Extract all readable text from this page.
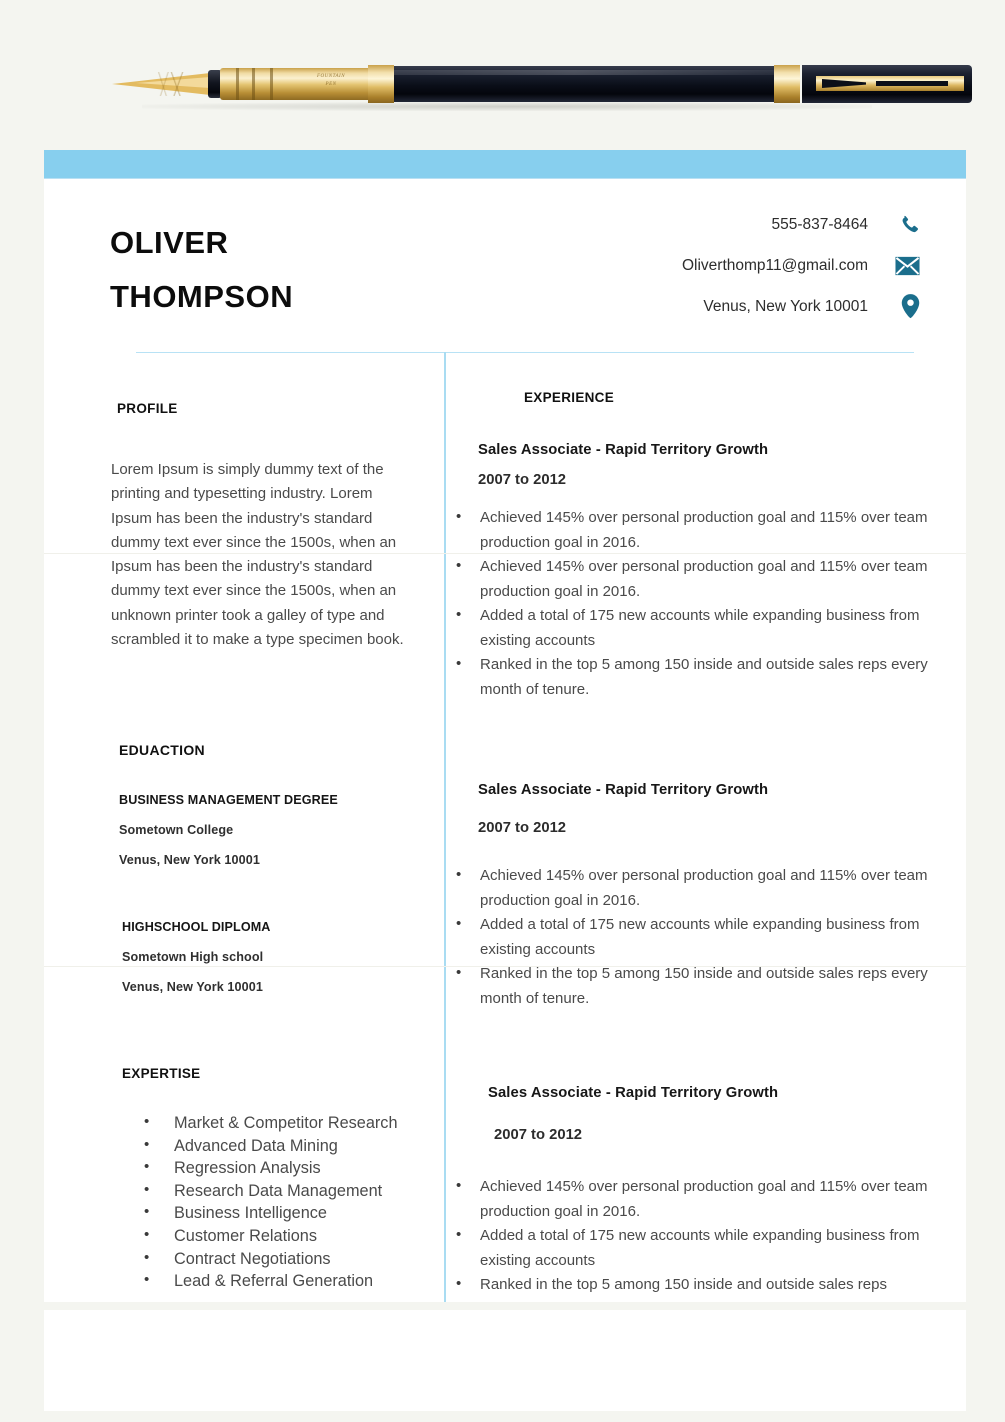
FOUNTAIN
PEN
OLIVER
THOMPSON
555-837-8464
Oliverthomp11@gmail.com
Venus, New York 10001
PROFILE
Lorem Ipsum is simply dummy text of the printing and typesetting industry. Lorem Ipsum has been the industry's standard dummy text ever since the 1500s, when an Ipsum has been the industry's standard dummy text ever since the 1500s, when an unknown printer took a galley of type and scrambled it to make a type specimen book.
EDUACTION
BUSINESS MANAGEMENT DEGREE
Sometown College
Venus, New York 10001
HIGHSCHOOL DIPLOMA
Sometown High school
Venus, New York 10001
EXPERTISE
• Market & Competitor Research
• Advanced Data Mining
• Regression Analysis
• Research Data Management
• Business Intelligence
• Customer Relations
• Contract Negotiations
• Lead & Referral Generation
EXPERIENCE
Sales Associate - Rapid Territory Growth
2007 to 2012
• Achieved 145% over personal production goal and 115% over team production goal in 2016.
• Achieved 145% over personal production goal and 115% over team production goal in 2016.
• Added a total of 175 new accounts while expanding business from existing accounts
• Ranked in the top 5 among 150 inside and outside sales reps every month of tenure.
Sales Associate - Rapid Territory Growth
2007 to 2012
• Achieved 145% over personal production goal and 115% over team production goal in 2016.
• Added a total of 175 new accounts while expanding business from existing accounts
• Ranked in the top 5 among 150 inside and outside sales reps every month of tenure.
Sales Associate - Rapid Territory Growth
2007 to 2012
• Achieved 145% over personal production goal and 115% over team production goal in 2016.
• Added a total of 175 new accounts while expanding business from existing accounts
• Ranked in the top 5 among 150 inside and outside sales reps
